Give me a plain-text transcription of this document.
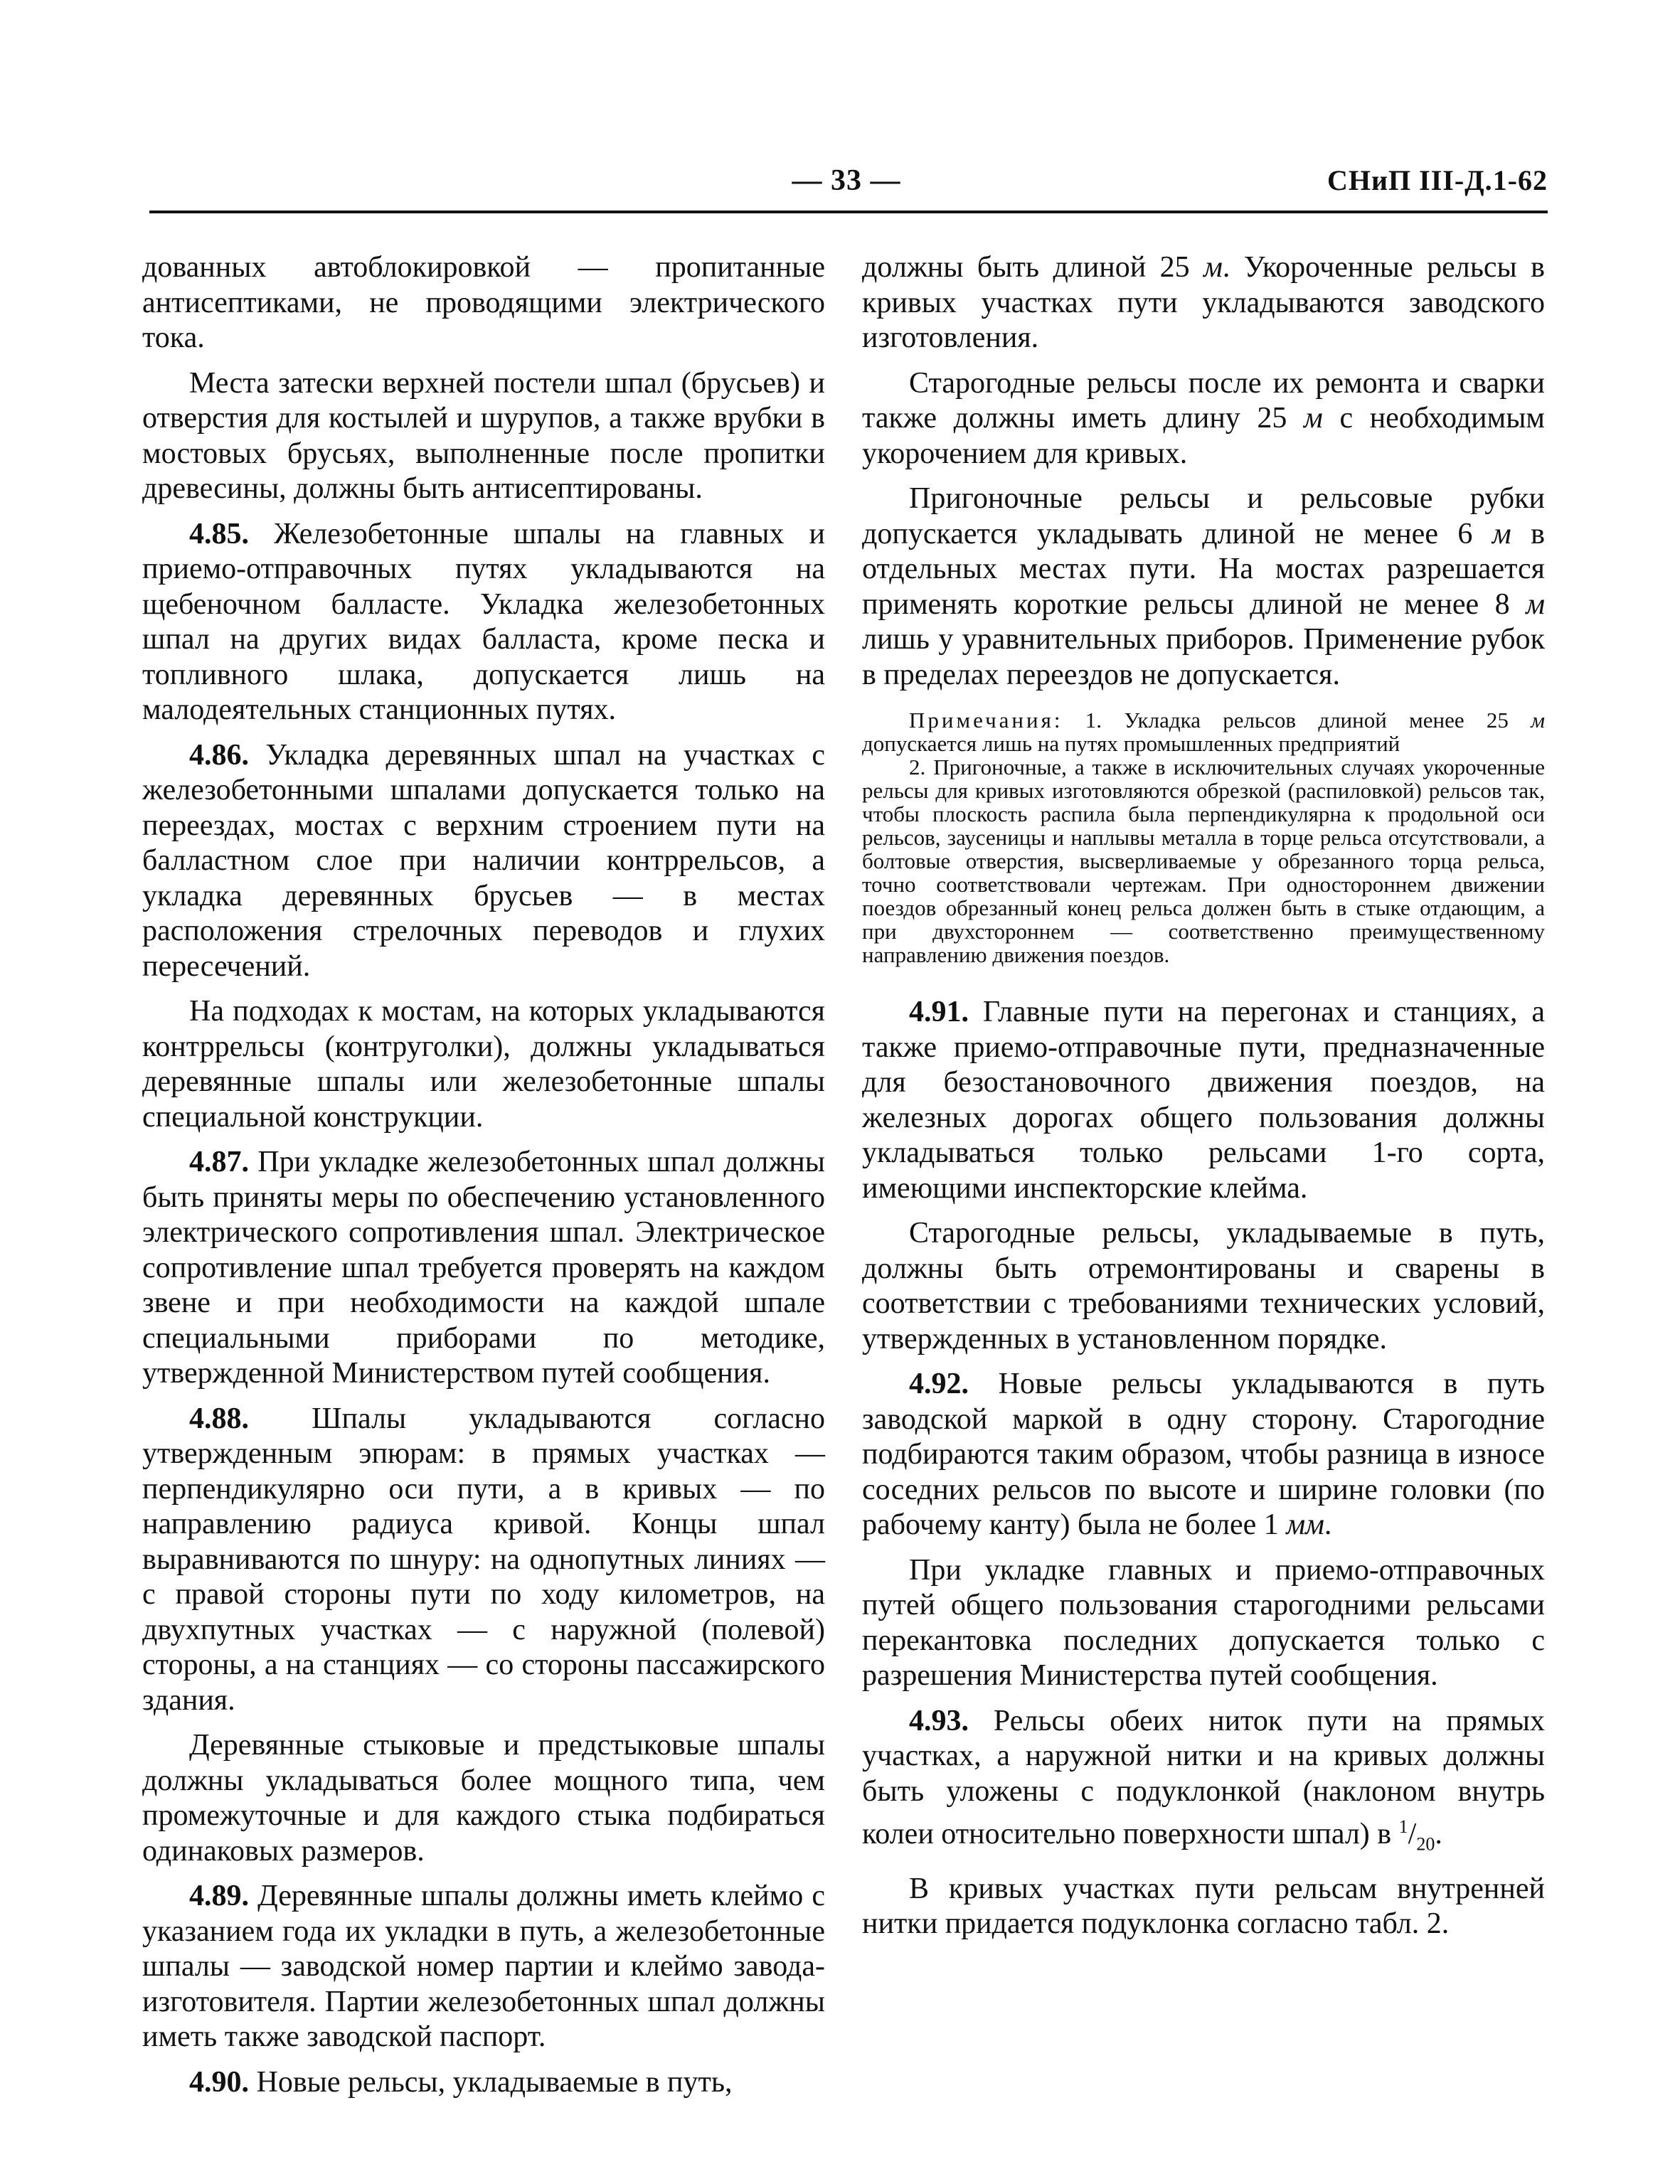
— 33 —	СНиП III-Д.1-62

дованных автоблокировкой — пропитанные антисептиками, не проводящими электрического тока.

Места затески верхней постели шпал (брусьев) и отверстия для костылей и шурупов, а также врубки в мостовых брусьях, выполненные после пропитки древесины, должны быть антисептированы.

4.85. Железобетонные шпалы на главных и приемо-отправочных путях укладываются на щебеночном балласте. Укладка железобетонных шпал на других видах балласта, кроме песка и топливного шлака, допускается лишь на малодеятельных станционных путях.

4.86. Укладка деревянных шпал на участках с железобетонными шпалами допускается только на переездах, мостах с верхним строением пути на балластном слое при наличии контррельсов, а укладка деревянных брусьев — в местах расположения стрелочных переводов и глухих пересечений.

На подходах к мостам, на которых укладываются контррельсы (контруголки), должны укладываться деревянные шпалы или железобетонные шпалы специальной конструкции.

4.87. При укладке железобетонных шпал должны быть приняты меры по обеспечению установленного электрического сопротивления шпал. Электрическое сопротивление шпал требуется проверять на каждом звене и при необходимости на каждой шпале специальными приборами по методике, утвержденной Министерством путей сообщения.

4.88. Шпалы укладываются согласно утвержденным эпюрам: в прямых участках — перпендикулярно оси пути, а в кривых — по направлению радиуса кривой. Концы шпал выравниваются по шнуру: на однопутных линиях — с правой стороны пути по ходу километров, на двухпутных участках — с наружной (полевой) стороны, а на станциях — со стороны пассажирского здания.

Деревянные стыковые и предстыковые шпалы должны укладываться более мощного типа, чем промежуточные и для каждого стыка подбираться одинаковых размеров.

4.89. Деревянные шпалы должны иметь клеймо с указанием года их укладки в путь, а железобетонные шпалы — заводской номер партии и клеймо завода-изготовителя. Партии железобетонных шпал должны иметь также заводской паспорт.

4.90. Новые рельсы, укладываемые в путь,

должны быть длиной 25 м. Укороченные рельсы в кривых участках пути укладываются заводского изготовления.

Старогодные рельсы после их ремонта и сварки также должны иметь длину 25 м с необходимым укорочением для кривых.

Пригоночные рельсы и рельсовые рубки допускается укладывать длиной не менее 6 м в отдельных местах пути. На мостах разрешается применять короткие рельсы длиной не менее 8 м лишь у уравнительных приборов. Применение рубок в пределах переездов не допускается.

Примечания: 1. Укладка рельсов длиной менее 25 м допускается лишь на путях промышленных предприятий

2. Пригоночные, а также в исключительных случаях укороченные рельсы для кривых изготовляются обрезкой (распиловкой) рельсов так, чтобы плоскость распила была перпендикулярна к продольной оси рельсов, заусеницы и наплывы металла в торце рельса отсутствовали, а болтовые отверстия, высверливаемые у обрезанного торца рельса, точно соответствовали чертежам. При одностороннем движении поездов обрезанный конец рельса должен быть в стыке отдающим, а при двухстороннем — соответственно преимущественному направлению движения поездов.

4.91. Главные пути на перегонах и станциях, а также приемо-отправочные пути, предназначенные для безостановочного движения поездов, на железных дорогах общего пользования должны укладываться только рельсами 1-го сорта, имеющими инспекторские клейма.

Старогодные рельсы, укладываемые в путь, должны быть отремонтированы и сварены в соответствии с требованиями технических условий, утвержденных в установленном порядке.

4.92. Новые рельсы укладываются в путь заводской маркой в одну сторону. Старогодние подбираются таким образом, чтобы разница в износе соседних рельсов по высоте и ширине головки (по рабочему канту) была не более 1 мм.

При укладке главных и приемо-отправочных путей общего пользования старогодними рельсами перекантовка последних допускается только с разрешения Министерства путей сообщения.

4.93. Рельсы обеих ниток пути на прямых участках, а наружной нитки и на кривых должны быть уложены с подуклонкой (наклоном внутрь колеи относительно поверхности шпал) в $^1/_{20}$.

В кривых участках пути рельсам внутренней нитки придается подуклонка согласно табл. 2.
